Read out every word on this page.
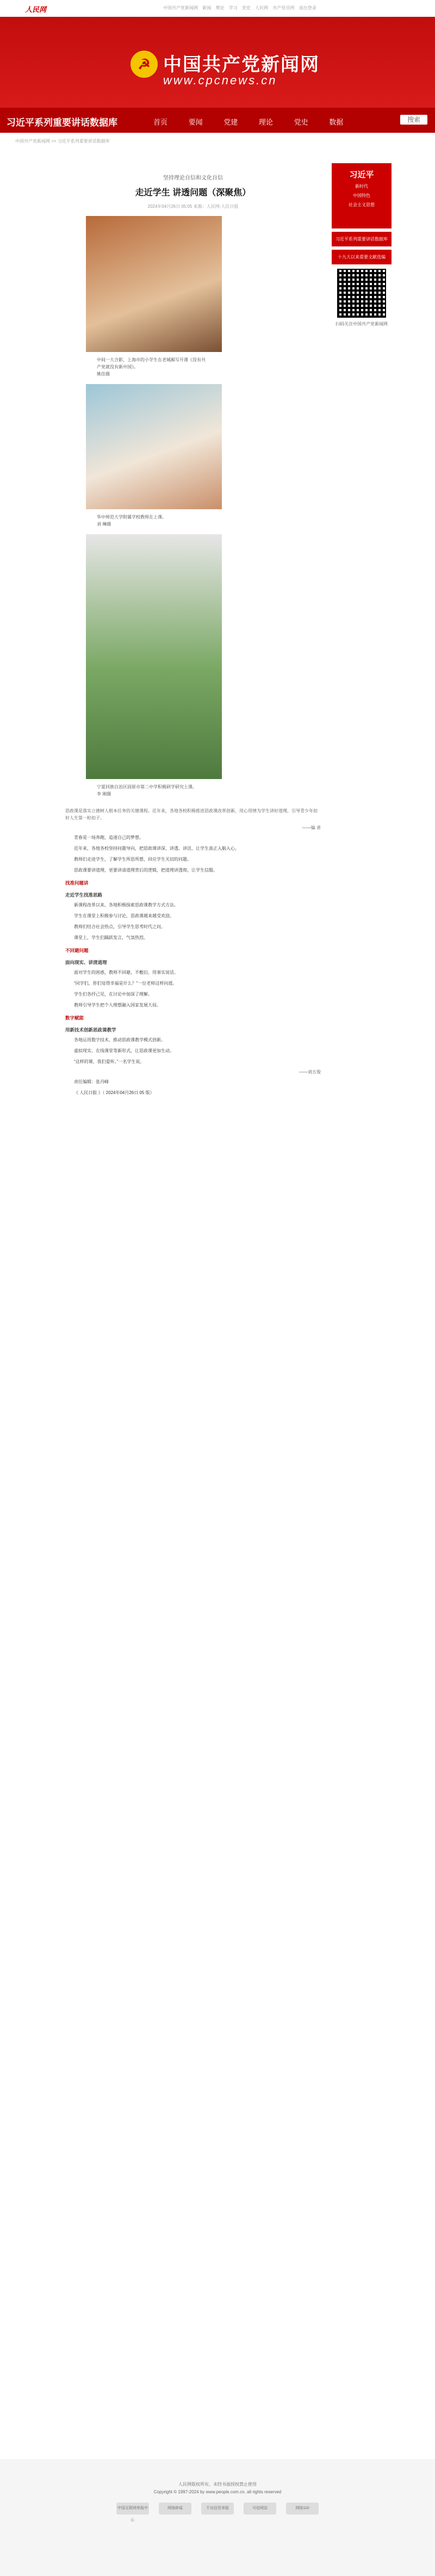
人民网	中国共产党新闻网 新闻 理论 学习 党史 人民网 共产党员网 退出登录
☭ 中国共产党新闻网
www.cpcnews.cn
习近平系列重要讲话数据库	首页	要闻	党建	理论	党史	数据	搜索
中国共产党新闻网 >> 习近平系列重要讲话数据库
坚持理论自信和文化自信
走近学生 讲透问题（深聚焦）
2024年04月26日 05:05 来源：人民网-人民日报
中间一大合影，上海市的小学生在老城厢写开课《没有共产党就没有新中国》。
姚佳摄
华中师范大学附属学校教师在上课。
刘 琳摄
宁夏回族自治区固原市第二中学积极研学研究上课。
李 刚摄
思政课是落实立德树人根本任务的关键课程。近年来，各地各校积极推进思政课改革创新，用心用情为学生讲好道理，引导青少年扣好人生第一粒扣子。
——编 者

青春是一场奔跑，追逐自己的梦想。

近年来，各地各校坚持问题导向，把思政课讲深、讲透、讲活，让学生真正入脑入心。

教师们走进学生，了解学生所思所想，回应学生关切的问题。

思政课要讲道理，更要讲清道理背后的逻辑，把道理讲透彻，让学生信服。

找准问题讲
走近学生找准思路

新课程改革以来，各地积极探索思政课教学方式方法。

学生在课堂上积极参与讨论，思政课越来越受欢迎。

教师们结合社会热点，引导学生思考时代之问。

课堂上，学生们踊跃发言，气氛热烈。

不回避问题
面向现实、讲清道理

面对学生的困惑，教师不回避、不敷衍，用事实说话。

“同学们，你们觉得幸福是什么？”一位老师这样问道。

学生们各抒己见，在讨论中加深了理解。

教师引导学生把个人理想融入国家发展大局。

数字赋能
用新技术创新思政课教学

各地运用数字技术，推动思政课教学模式创新。

虚拟现实、在线课堂等新形式，让思政课更加生动。

“这样的课，我们爱听。”一名学生说。

——刘五俊

责任编辑：张丹峰

《 人民日报 》（ 2024年04月26日 05 版）

习近平
新时代
中国特色
社会主义思想
习近平系列重要讲话数据库
十九大以来重要文献选编
扫码关注中国共产党新闻网
人民网版权所有，未经书面授权禁止使用
Copyright © 1997-2024 by www.people.com.cn. all rights reserved
中国互联网举报中心
网络辟谣	不良信息举报	可信网站	网络110
